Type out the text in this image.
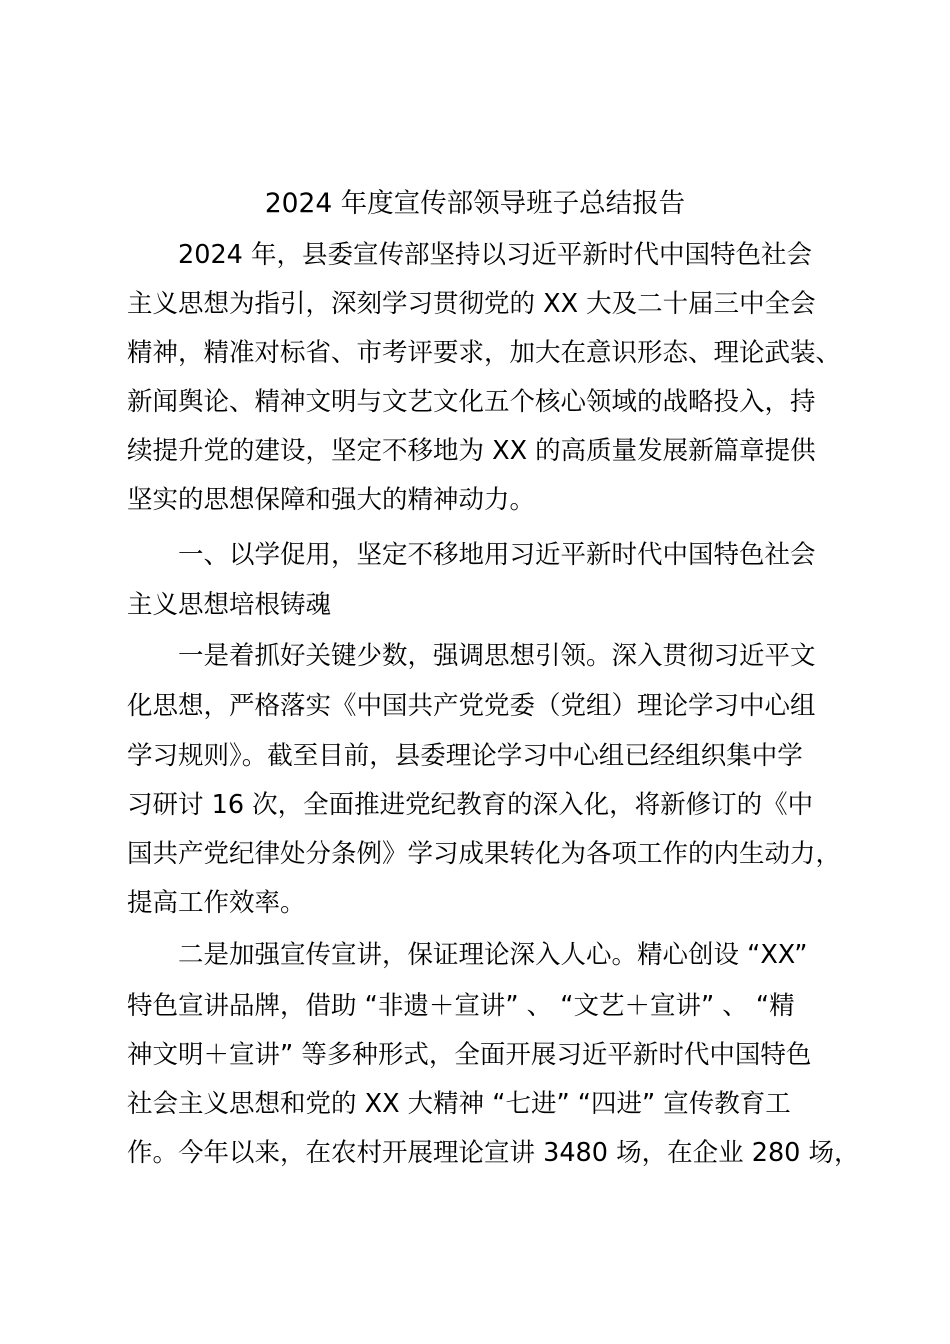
2024 年度宣传部领导班子总结报告
2024 年，县委宣传部坚持以习近平新时代中国特色社会
主义思想为指引，深刻学习贯彻党的 XX 大及二十届三中全会
精神，精准对标省、市考评要求，加大在意识形态、理论武装、
新闻舆论、精神文明与文艺文化五个核心领域的战略投入，持
续提升党的建设，坚定不移地为 XX 的高质量发展新篇章提供
坚实的思想保障和强大的精神动力。
一、以学促用，坚定不移地用习近平新时代中国特色社会
主义思想培根铸魂
一是着抓好关键少数，强调思想引领。深入贯彻习近平文
化思想，严格落实《中国共产党党委（党组）理论学习中心组
学习规则》。截至目前，县委理论学习中心组已经组织集中学
习研讨 16 次，全面推进党纪教育的深入化，将新修订的《中
国共产党纪律处分条例》学习成果转化为各项工作的内生动力，
提高工作效率。
二是加强宣传宣讲，保证理论深入人心。精心创设 “XX”
特色宣讲品牌，借助 “非遗＋宣讲” 、 “文艺＋宣讲” 、 “精
神文明＋宣讲” 等多种形式，全面开展习近平新时代中国特色
社会主义思想和党的 XX 大精神 “七进” “四进” 宣传教育工
作。今年以来，在农村开展理论宣讲 3480 场，在企业 280 场，
